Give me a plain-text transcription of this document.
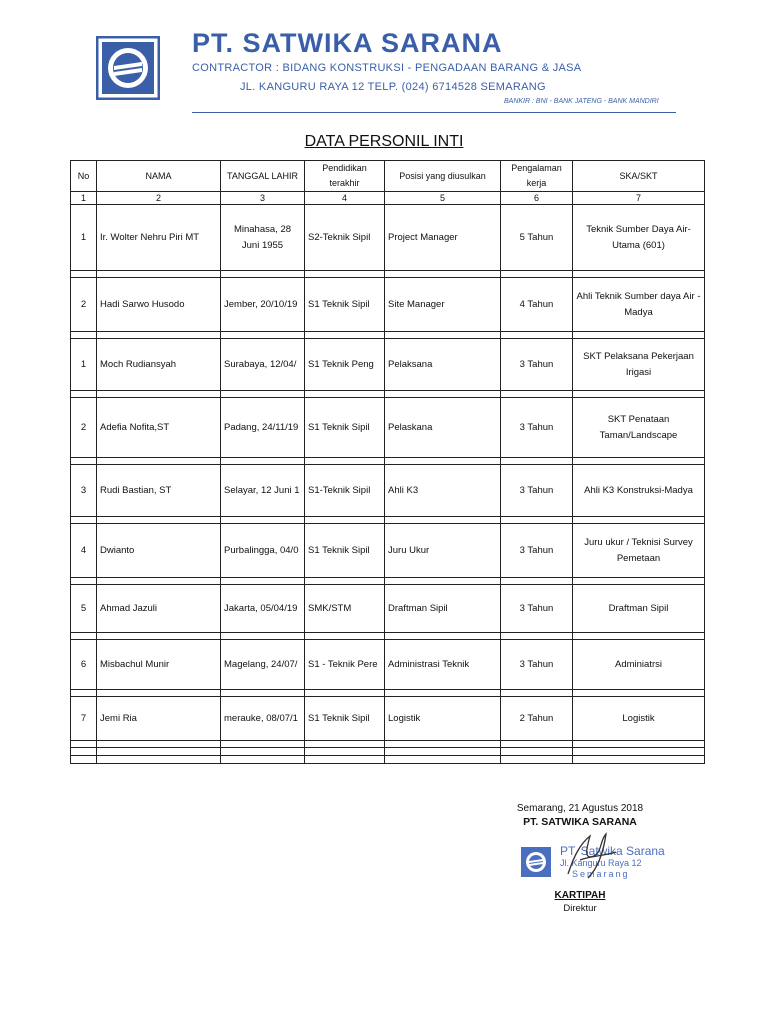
PT. SATWIKA SARANA
CONTRACTOR : BIDANG KONSTRUKSI - PENGADAAN BARANG & JASA
JL. KANGURU RAYA 12 TELP. (024) 6714528 SEMARANG
BANKIR : BNI - BANK JATENG - BANK MANDIRI
DATA PERSONIL INTI
No	NAMA	TANGGAL LAHIR	Pendidikan terakhir	Posisi yang diusulkan	Pengalaman kerja	SKA/SKT
1	2	3	4	5	6	7
1	Ir. Wolter Nehru Piri MT	Minahasa, 28 Juni 1955	S2-Teknik Sipil	Project Manager	5 Tahun	Teknik Sumber Daya Air-Utama (601)

2	Hadi Sarwo Husodo	Jember, 20/10/19	S1 Teknik Sipil	Site Manager	4 Tahun	Ahli Teknik Sumber daya Air - Madya

1	Moch Rudiansyah	Surabaya, 12/04/	S1 Teknik Peng	Pelaksana	3 Tahun	SKT Pelaksana Pekerjaan Irigasi

2	Adefia Nofita,ST	Padang, 24/11/19	S1 Teknik Sipil	Pelaskana	3 Tahun	SKT Penataan Taman/Landscape

3	Rudi Bastian, ST	Selayar, 12 Juni 1	S1-Teknik Sipil	Ahli K3	3 Tahun	Ahli K3 Konstruksi-Madya

4	Dwianto	Purbalingga, 04/0	S1 Teknik Sipil	Juru Ukur	3 Tahun	Juru ukur / Teknisi Survey Pemetaan

5	Ahmad Jazuli	Jakarta, 05/04/19	SMK/STM	Draftman Sipil	3 Tahun	Draftman Sipil

6	Misbachul Munir	Magelang, 24/07/	S1 - Teknik Pere	Administrasi Teknik	3 Tahun	Adminiatrsi

7	Jemi Ria	merauke, 08/07/1	S1 Teknik Sipil	Logistik	2 Tahun	Logistik

Semarang, 21 Agustus 2018
PT. SATWIKA SARANA
PT. Satwika Sarana
Jl. Kanguru Raya 12
Semarang
KARTIPAH
Direktur
